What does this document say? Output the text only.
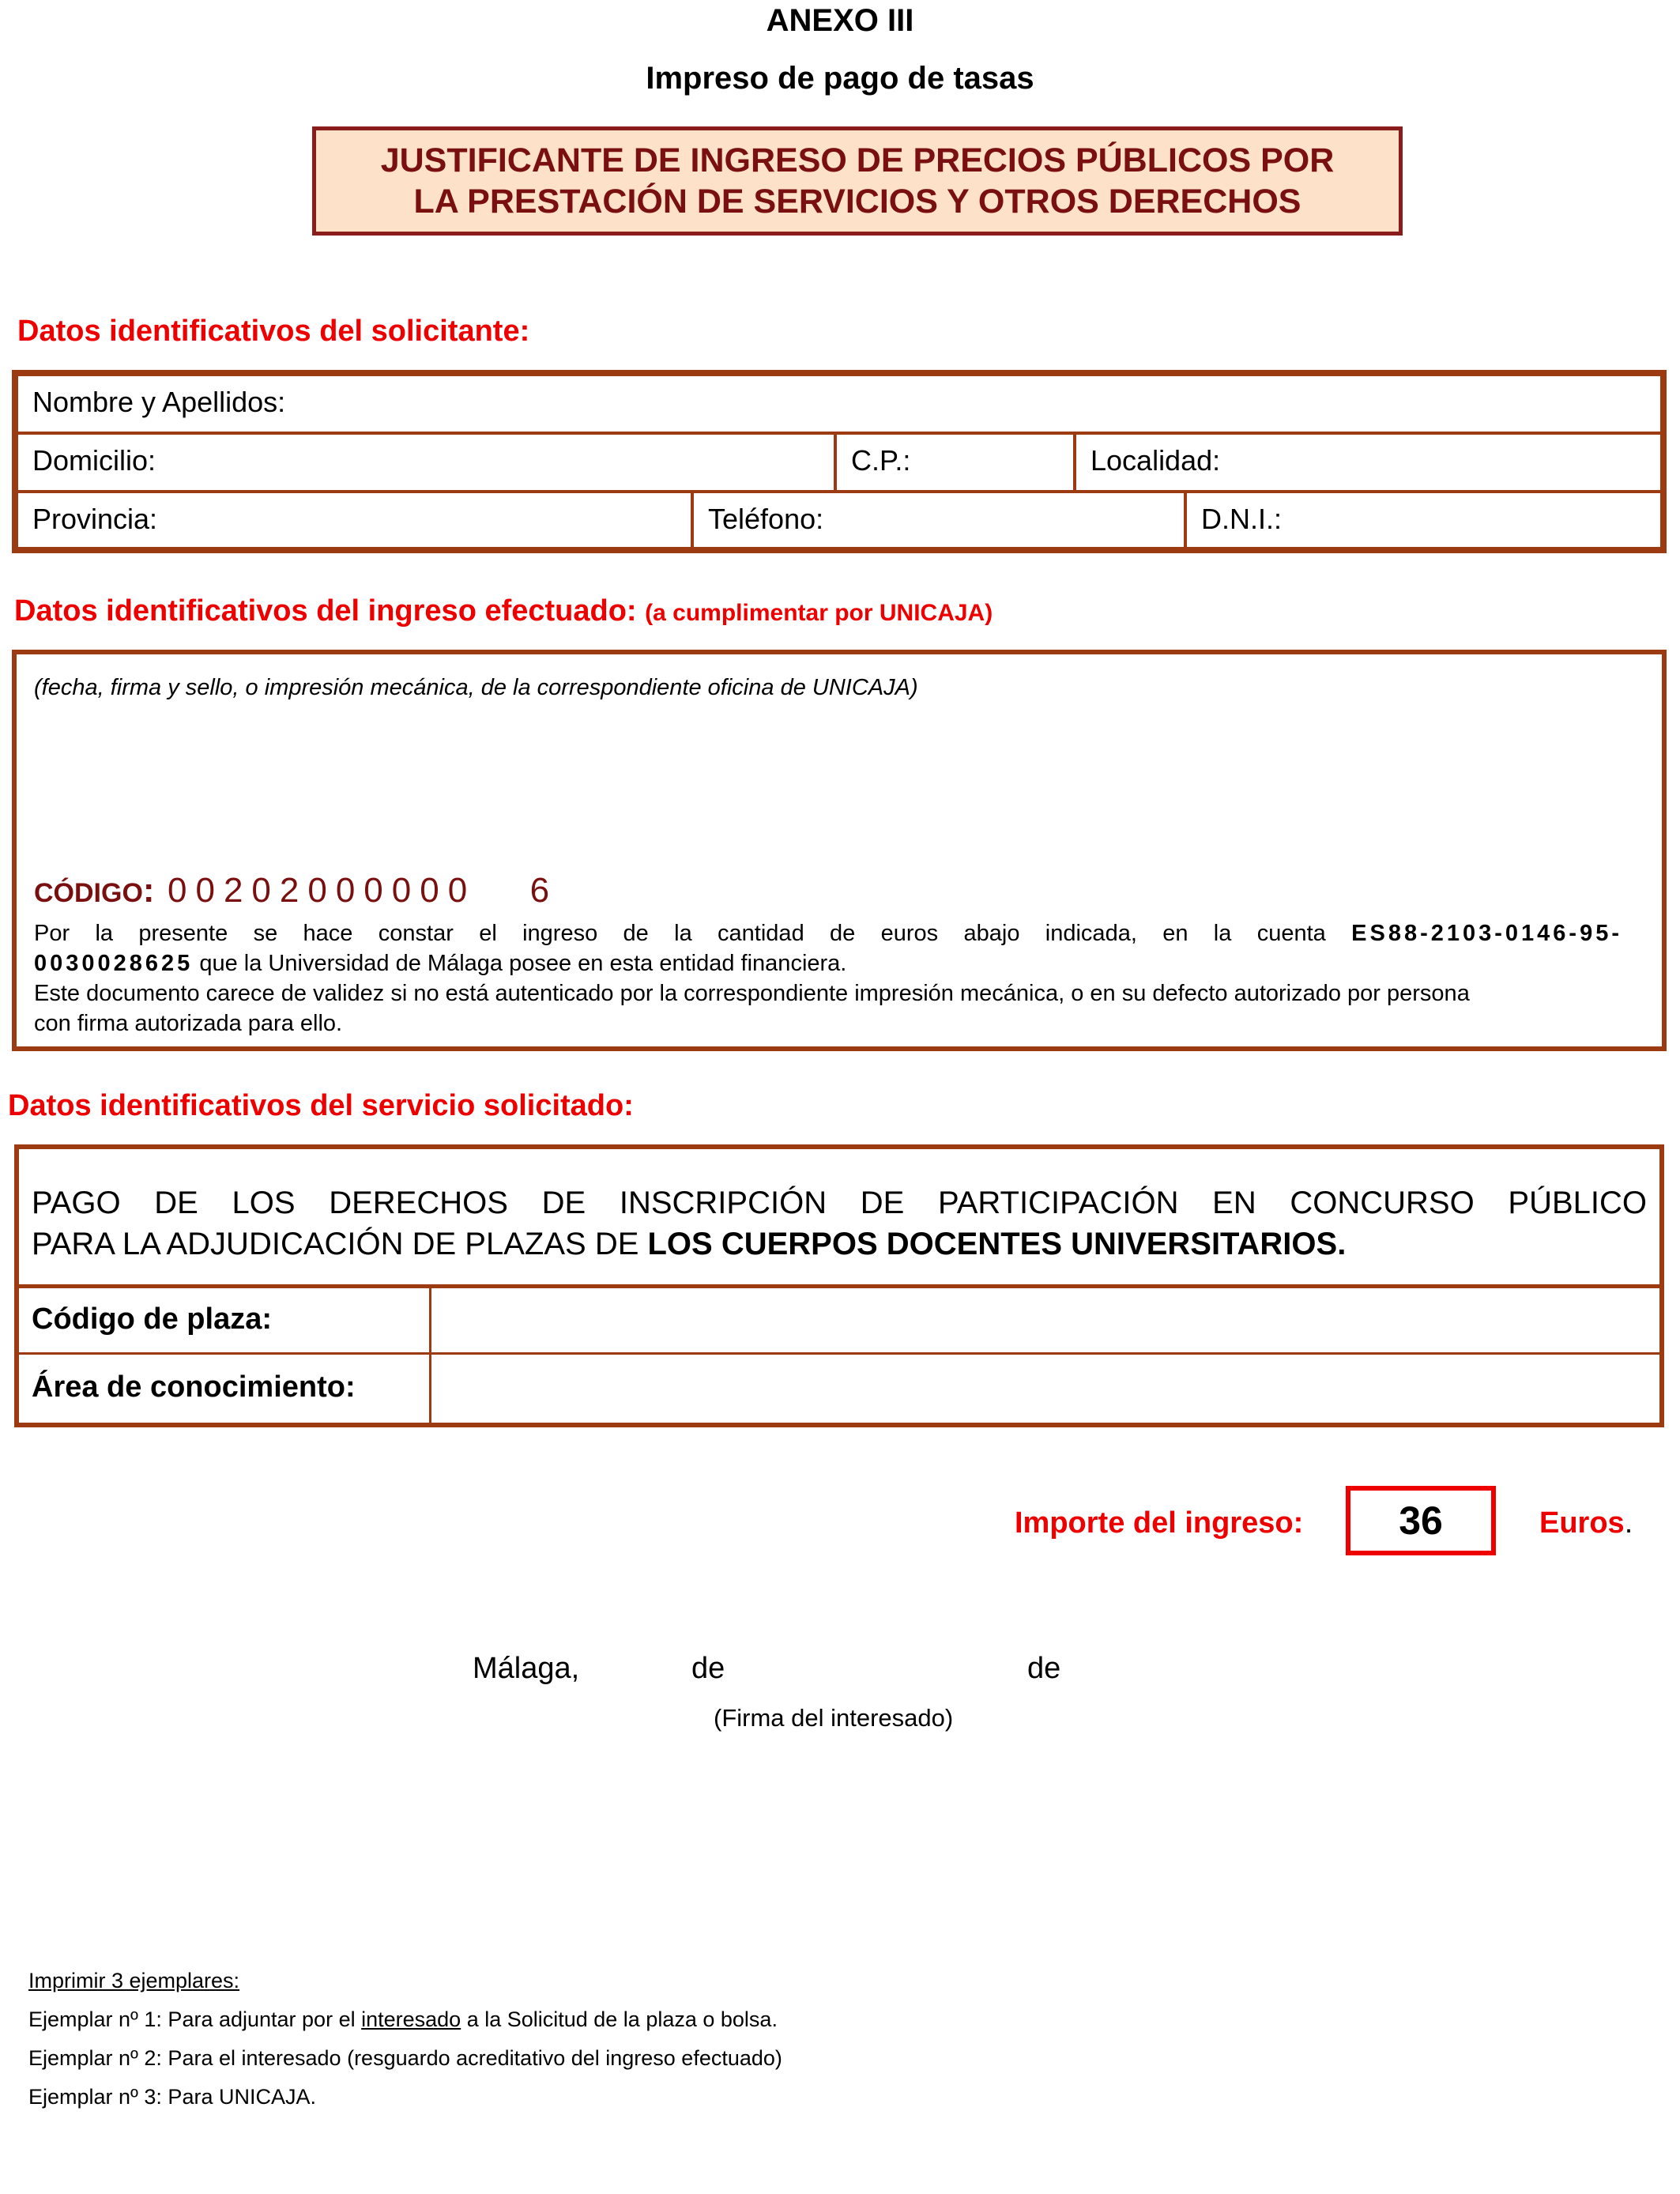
ANEXO III
Impreso de pago de tasas
JUSTIFICANTE DE INGRESO DE PRECIOS PÚBLICOS POR
LA PRESTACIÓN DE SERVICIOS Y OTROS DERECHOS
Datos identificativos del solicitante:
Nombre y Apellidos:
Domicilio:	C.P.:	Localidad:
Provincia:	Teléfono:	D.N.I.:
Datos identificativos del ingreso efectuado: (a cumplimentar por UNICAJA)
(fecha, firma y sello, o impresión mecánica, de la correspondiente oficina de UNICAJA)
CÓDIGO: 00202000000 6
Por la presente se hace constar el ingreso de la cantidad de euros abajo indicada, en la cuenta ES88-2103-0146-95-
0030028625 que la Universidad de Málaga posee en esta entidad financiera.
Este documento carece de validez si no está autenticado por la correspondiente impresión mecánica, o en su defecto autorizado por persona
con firma autorizada para ello.
Datos identificativos del servicio solicitado:
PAGO DE LOS DERECHOS DE INSCRIPCIÓN DE PARTICIPACIÓN EN CONCURSO PÚBLICO
PARA LA ADJUDICACIÓN DE PLAZAS DE LOS CUERPOS DOCENTES UNIVERSITARIOS.
Código de plaza:
Área de conocimiento:
Importe del ingreso:	36	Euros.
Málaga,	de	de
(Firma del interesado)
Imprimir 3 ejemplares:
Ejemplar nº 1: Para adjuntar por el interesado a la Solicitud de la plaza o bolsa.
Ejemplar nº 2: Para el interesado (resguardo acreditativo del ingreso efectuado)
Ejemplar nº 3: Para UNICAJA.
